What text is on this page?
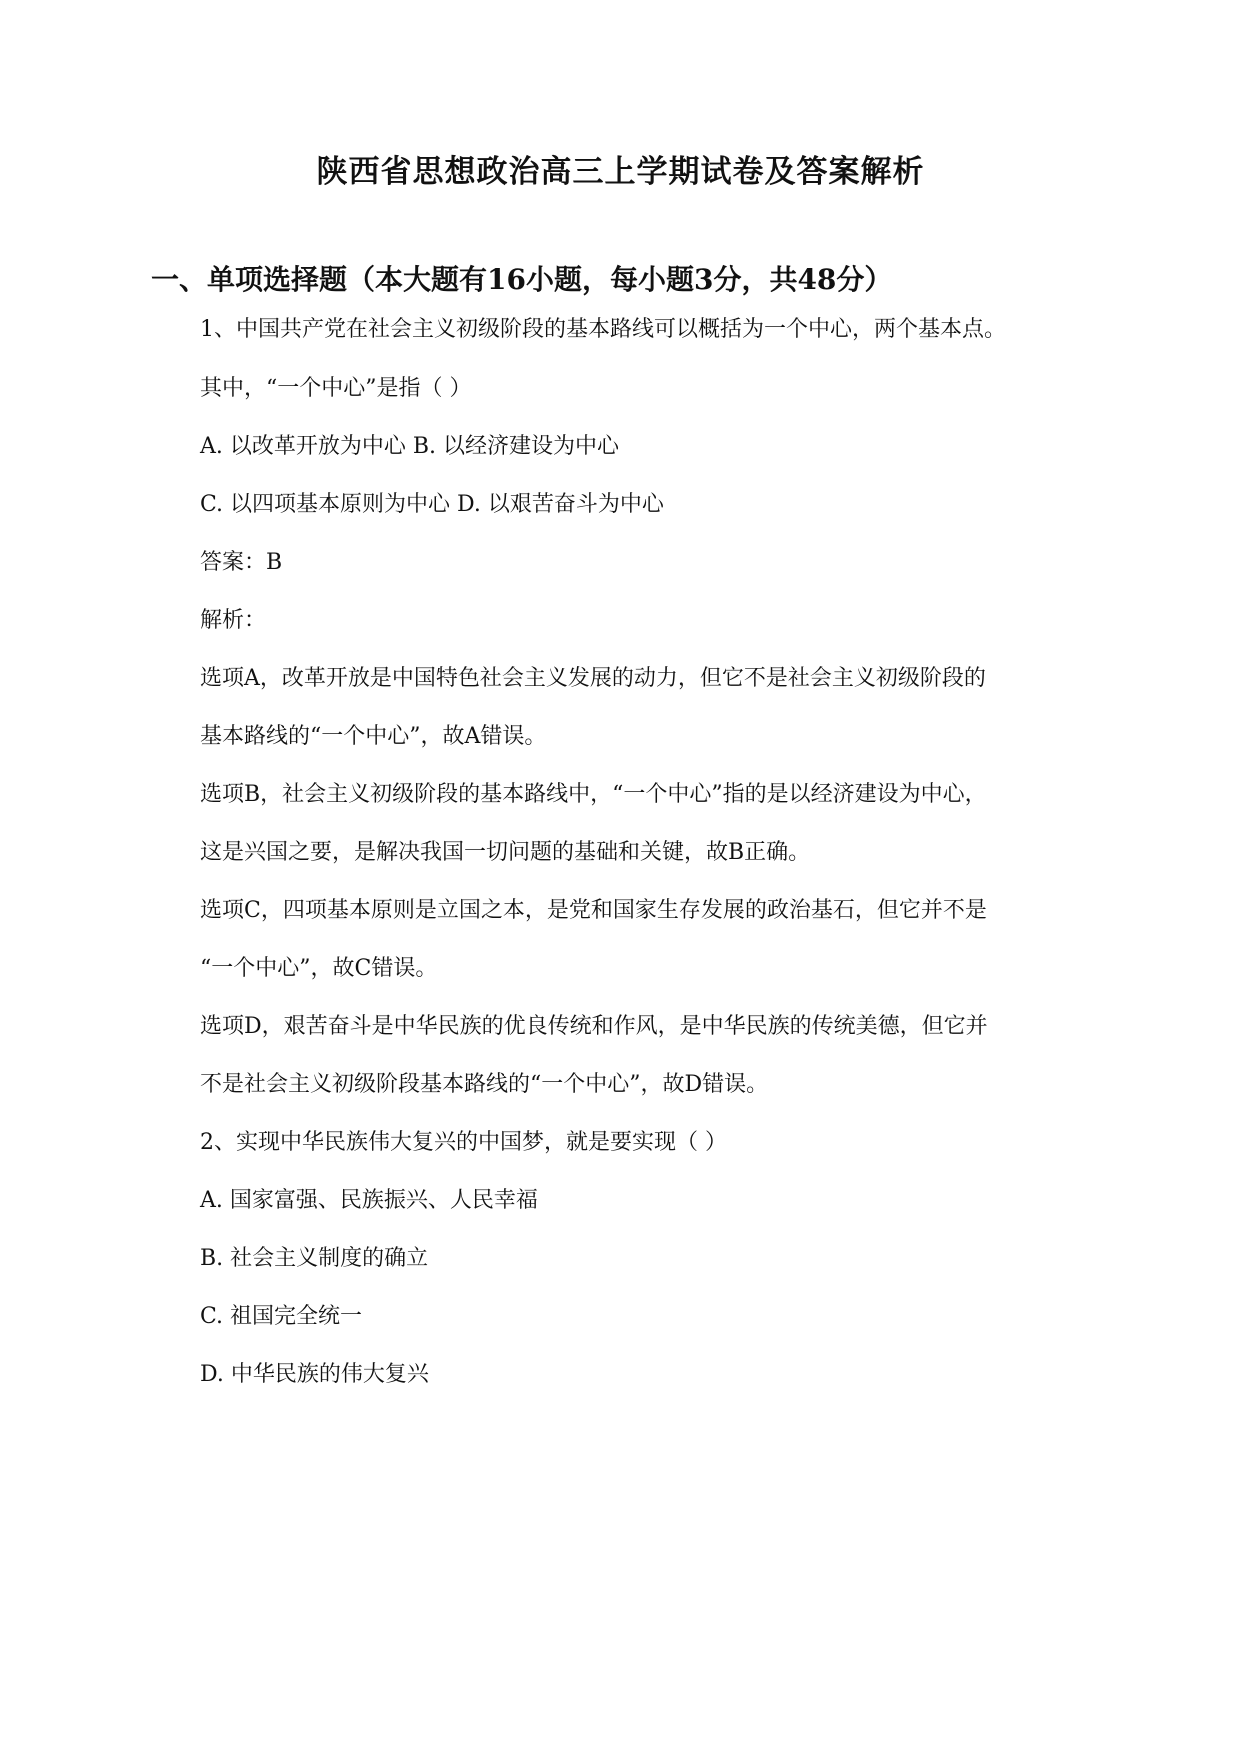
陕西省思想政治高三上学期试卷及答案解析
一、单项选择题（本大题有16小题，每小题3分，共48分）
1、中国共产党在社会主义初级阶段的基本路线可以概括为一个中心，两个基本点。
其中，“一个中心”是指（ ）
A. 以改革开放为中心 B. 以经济建设为中心
C. 以四项基本原则为中心 D. 以艰苦奋斗为中心
答案：B
解析：
选项A，改革开放是中国特色社会主义发展的动力，但它不是社会主义初级阶段的
基本路线的“一个中心”，故A错误。
选项B，社会主义初级阶段的基本路线中，“一个中心”指的是以经济建设为中心，
这是兴国之要，是解决我国一切问题的基础和关键，故B正确。
选项C，四项基本原则是立国之本，是党和国家生存发展的政治基石，但它并不是
“一个中心”，故C错误。
选项D，艰苦奋斗是中华民族的优良传统和作风，是中华民族的传统美德，但它并
不是社会主义初级阶段基本路线的“一个中心”，故D错误。
2、实现中华民族伟大复兴的中国梦，就是要实现（ ）
A. 国家富强、民族振兴、人民幸福
B. 社会主义制度的确立
C. 祖国完全统一
D. 中华民族的伟大复兴
